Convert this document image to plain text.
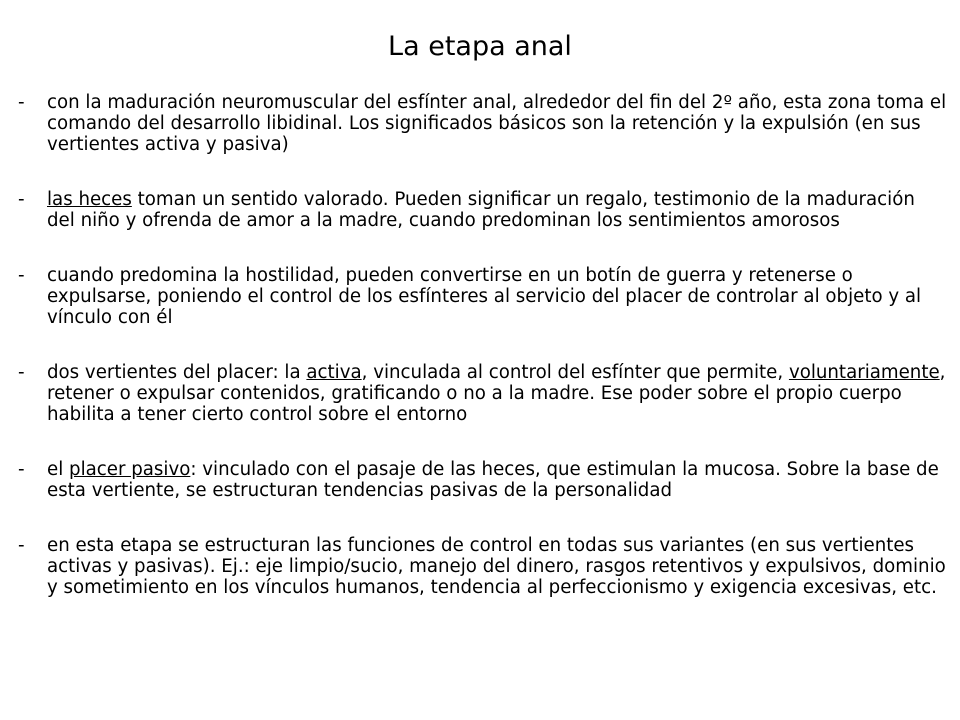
La etapa anal
- con la maduración neuromuscular del esfínter anal, alrededor del fin del 2º año, esta zona toma el comando del desarrollo libidinal. Los significados básicos son la retención y la expulsión (en sus vertientes activa y pasiva)
- las heces toman un sentido valorado. Pueden significar un regalo, testimonio de la maduración del niño y ofrenda de amor a la madre, cuando predominan los sentimientos amorosos
- cuando predomina la hostilidad, pueden convertirse en un botín de guerra y retenerse o expulsarse, poniendo el control de los esfínteres al servicio del placer de controlar al objeto y al vínculo con él
- dos vertientes del placer: la activa, vinculada al control del esfínter que permite, voluntariamente, retener o expulsar contenidos, gratificando o no a la madre. Ese poder sobre el propio cuerpo habilita a tener cierto control sobre el entorno
- el placer pasivo: vinculado con el pasaje de las heces, que estimulan la mucosa. Sobre la base de esta vertiente, se estructuran tendencias pasivas de la personalidad
- en esta etapa se estructuran las funciones de control en todas sus variantes (en sus vertientes activas y pasivas). Ej.: eje limpio/sucio, manejo del dinero, rasgos retentivos y expulsivos, dominio y sometimiento en los vínculos humanos, tendencia al perfeccionismo y exigencia excesivas, etc.
